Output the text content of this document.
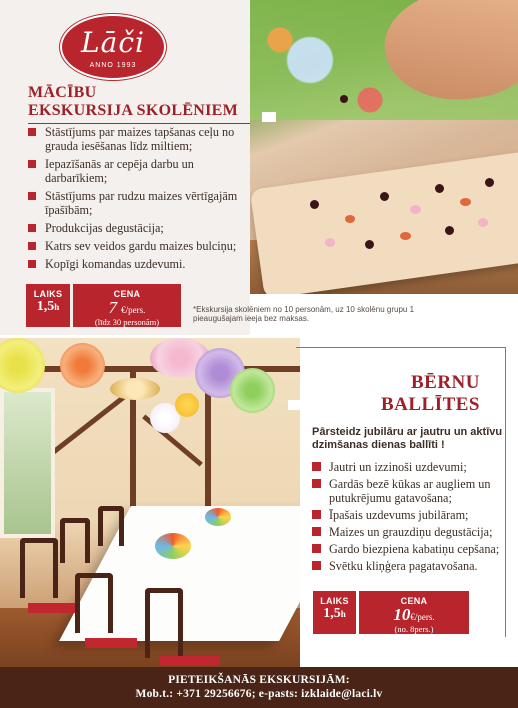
Lāči
ANNO 1993
MĀCĪBU
EKSKURSIJA SKOLĒNIEM
Stāstījums par maizes tapšanas ceļu no graudа iesēšanas līdz miltiem;
Iepazīšanās ar cepēja darbu un darbarīkiem;
Stāstījums par rudzu maizes vērtīgajām īpašībām;
Produkcijas degustācija;
Katrs sev veidos gardu maizes bulciņu;
Kopīgi komandas uzdevumi.
LAIKS
1,5h
CENA
7 €/pers.
(līdz 30 personām)
*Ekskursija skolēniem no 10 personām, uz 10 skolēnu grupu 1 pieaugušajam ieeja bez maksas.
BĒRNU
BALLĪTES
Pārsteidz jubilāru ar jautru un aktīvu dzimšanas dienas ballīti !
Jautri un izzinoši uzdevumi;
Gardās bezē kūkas ar augliem un putukrējumu gatavošana;
Īpašais uzdevums jubilāram;
Maizes un grauzdiņu degustācija;
Gardo biezpiena kabatiņu cepšana;
Svētku kliņģera pagatavošana.
LAIKS
1,5h
CENA
10€/pers.
(no. 8pers.)
PIETEIKŠANĀS EKSKURSIJĀM:
Mob.t.: +371 29256676; e-pasts: izklaide@laci.lv
